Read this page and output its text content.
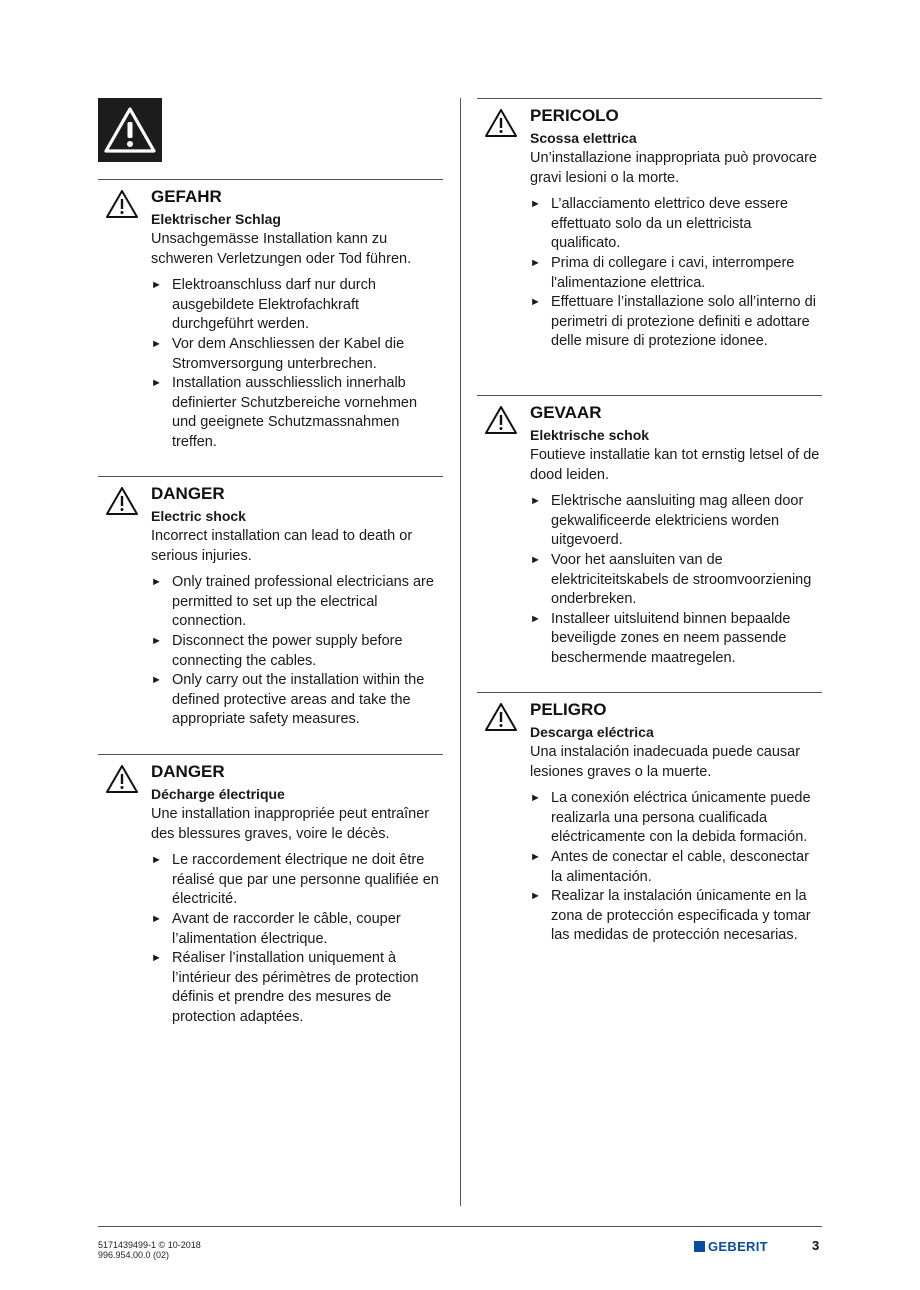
GEFAHR
Elektrischer Schlag
Unsachgemässe Installation kann zu schweren Verletzungen oder Tod führen.
► Elektroanschluss darf nur durch ausgebildete Elektrofachkraft durchgeführt werden.
► Vor dem Anschliessen der Kabel die Stromversorgung unterbrechen.
► Installation ausschliesslich innerhalb definierter Schutzbereiche vornehmen und geeignete Schutzmassnahmen treffen.
DANGER
Electric shock
Incorrect installation can lead to death or serious injuries.
► Only trained professional electricians are permitted to set up the electrical connection.
► Disconnect the power supply before connecting the cables.
► Only carry out the installation within the defined protective areas and take the appropriate safety measures.
DANGER
Décharge électrique
Une installation inappropriée peut entraîner des blessures graves, voire le décès.
► Le raccordement électrique ne doit être réalisé que par une personne qualifiée en électricité.
► Avant de raccorder le câble, couper l’alimentation électrique.
► Réaliser l’installation uniquement à l’intérieur des périmètres de protection définis et prendre des mesures de protection adaptées.
PERICOLO
Scossa elettrica
Un’installazione inappropriata può provocare gravi lesioni o la morte.
► L’allacciamento elettrico deve essere effettuato solo da un elettricista qualificato.
► Prima di collegare i cavi, interrompere l'alimentazione elettrica.
► Effettuare l’installazione solo all’interno di perimetri di protezione definiti e adottare delle misure di protezione idonee.
GEVAAR
Elektrische schok
Foutieve installatie kan tot ernstig letsel of de dood leiden.
► Elektrische aansluiting mag alleen door gekwalificeerde elektriciens worden uitgevoerd.
► Voor het aansluiten van de elektriciteitskabels de stroomvoorziening onderbreken.
► Installeer uitsluitend binnen bepaalde beveiligde zones en neem passende beschermende maatregelen.
PELIGRO
Descarga eléctrica
Una instalación inadecuada puede causar lesiones graves o la muerte.
► La conexión eléctrica únicamente puede realizarla una persona cualificada eléctricamente con la debida formación.
► Antes de conectar el cable, desconectar la alimentación.
► Realizar la instalación únicamente en la zona de protección especificada y tomar las medidas de protección necesarias.
5171439499-1 © 10-2018
996.954.00.0 (02)
GEBERIT	3
